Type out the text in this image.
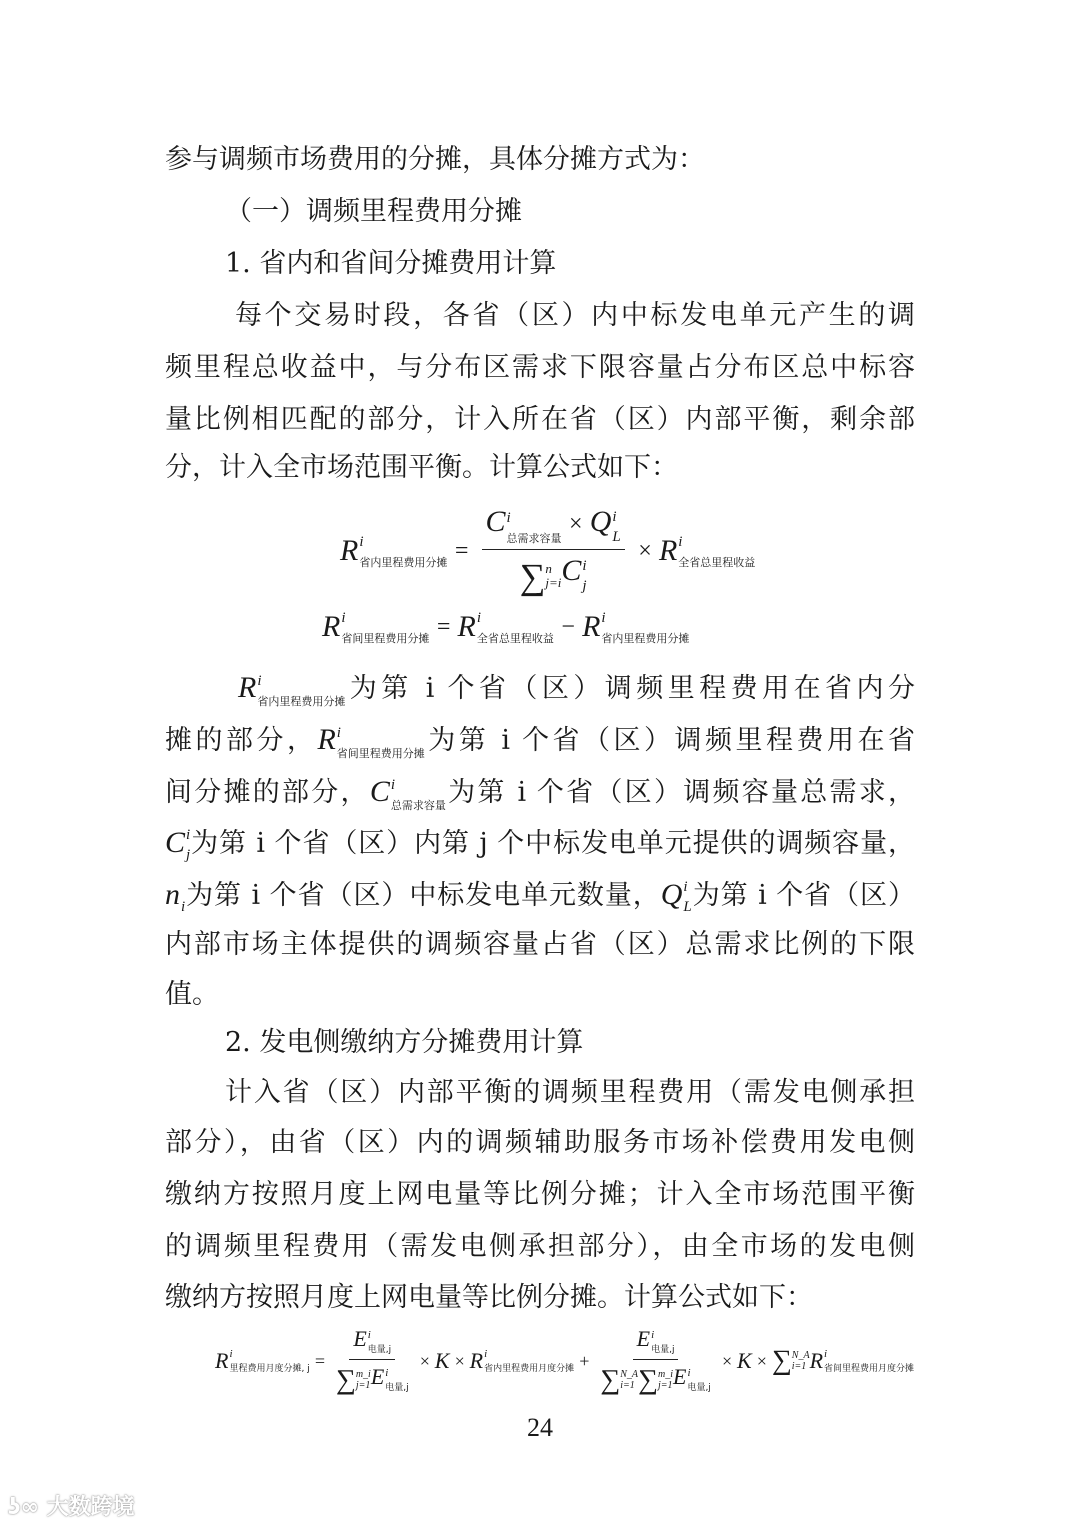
参与调频市场费用的分摊，具体分摊方式为：
（一）调频里程费用分摊
1. 省内和省间分摊费用计算
每个交易时段，各省（区）内中标发电单元产生的调
频里程总收益中，与分布区需求下限容量占分布区总中标容
量比例相匹配的部分，计入所在省（区）内部平衡，剩余部
分，计入全市场范围平衡。计算公式如下：
R i
省内里程费用分摊 = C i
总需求容量
× Q i
L
∑ n
j=i C i
j × R i
全省总里程收益
R i
省间里程费用分摊 = R i
全省总里程收益 − R i
省内里程费用分摊
R i
省内里程费用分摊 为第 i 个省（区）调频里程费用在省内分
摊的部分，R i
省间里程费用分摊 为第 i 个省（区）调频里程费用在省
间分摊的部分，C i
总需求容量 为第 i 个省（区）调频容量总需求，
C i
j 为第 i 个省（区）内第 j 个中标发电单元提供的调频容量，
n i 为第 i 个省（区）中标发电单元数量，Q i
L 为第 i 个省（区）
内部市场主体提供的调频容量占省（区）总需求比例的下限
值。
2. 发电侧缴纳方分摊费用计算
计入省（区）内部平衡的调频里程费用（需发电侧承担
部分），由省（区）内的调频辅助服务市场补偿费用发电侧
缴纳方按照月度上网电量等比例分摊；计入全市场范围平衡
的调频里程费用（需发电侧承担部分），由全市场的发电侧
缴纳方按照月度上网电量等比例分摊。计算公式如下：
R i
里程费用月度分摊, j = E i
电量,j
∑ m_i
j=1 E i
电量,j × K × R i
省内里程费用月度分摊 + E i
电量,j
∑ N_A
i=1 ∑ m_i
j=1 E i
电量,j × K × ∑ N_A
i=1 R i
省间里程费用月度分摊
24
ʖ∞ 大数跨境
